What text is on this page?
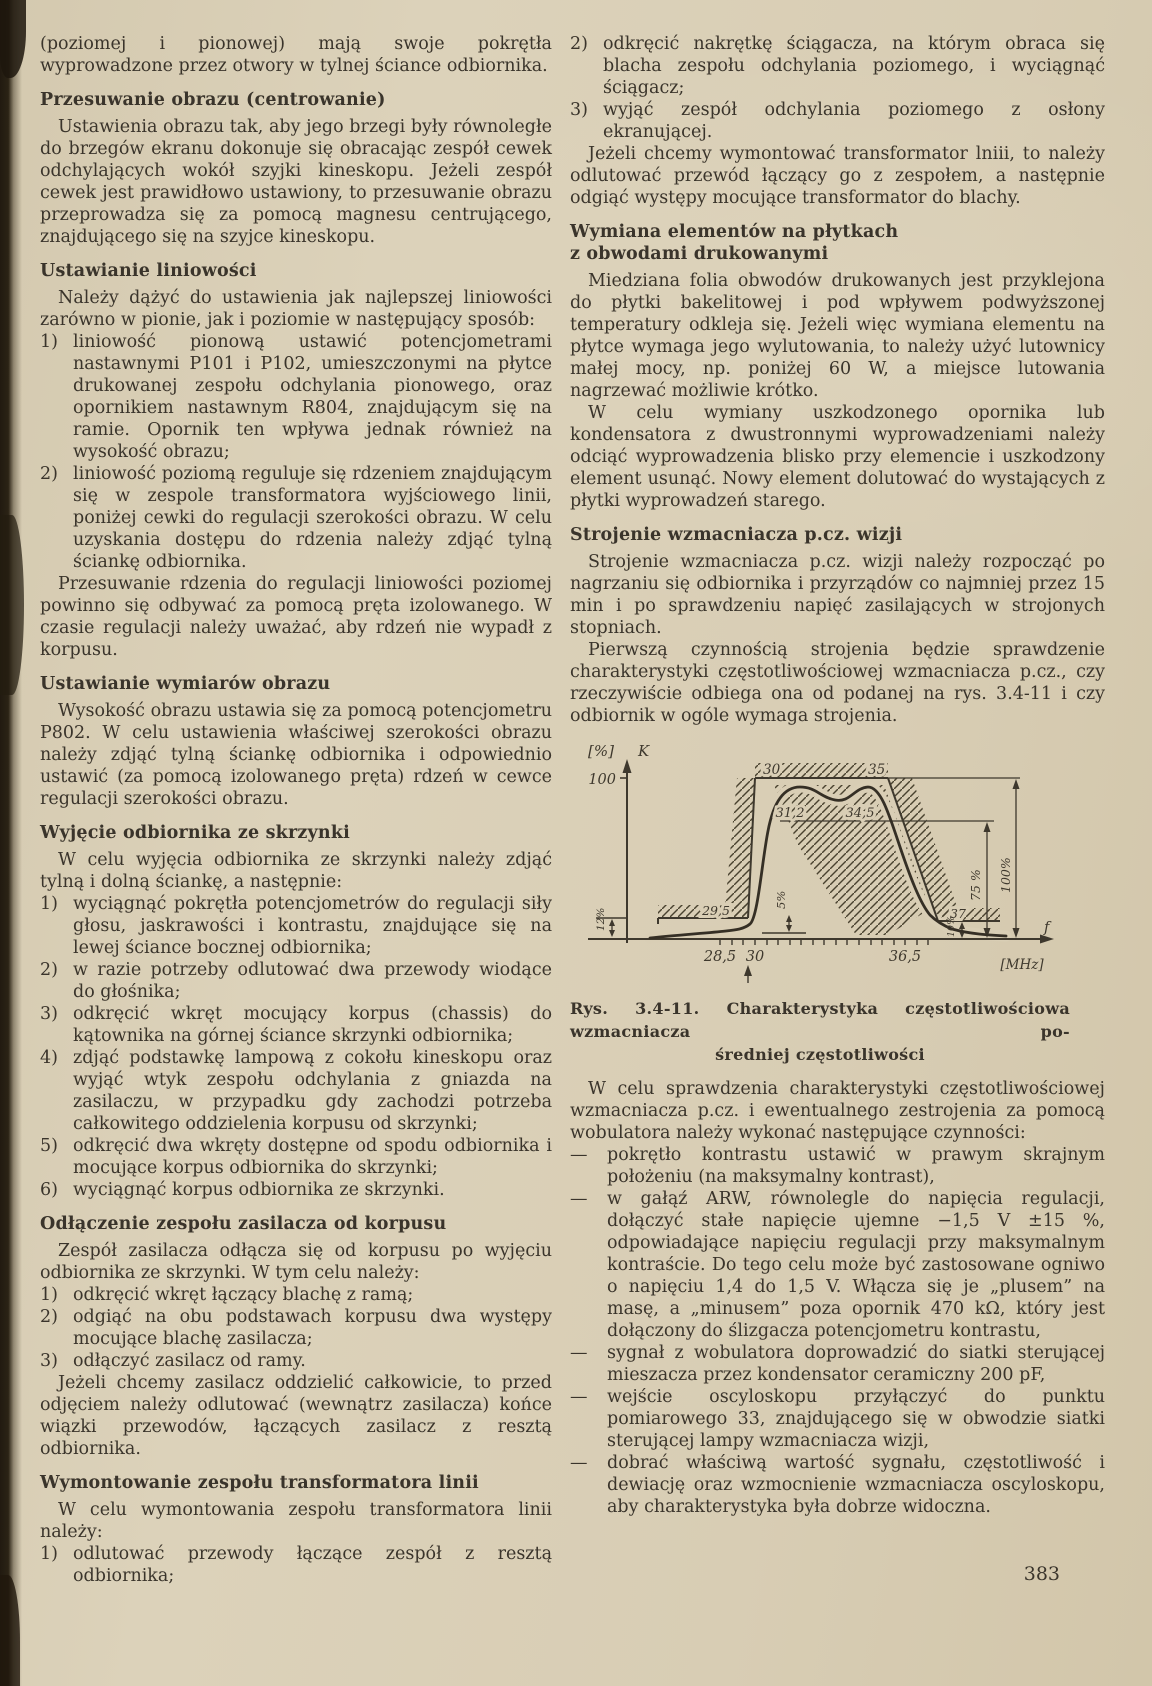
(poziomej i pionowej) mają swoje pokrętła wyprowadzone przez otwory w tylnej ściance odbiornika.
Przesuwanie obrazu (centrowanie)
Ustawienia obrazu tak, aby jego brzegi były równoległe do brzegów ekranu dokonuje się obracając zespół cewek odchylających wokół szyjki kineskopu. Jeżeli zespół cewek jest prawidłowo ustawiony, to przesuwanie obrazu przeprowadza się za pomocą magnesu centrującego, znajdującego się na szyjce kineskopu.
Ustawianie liniowości
Należy dążyć do ustawienia jak najlepszej liniowości zarówno w pionie, jak i poziomie w następujący sposób:
1) liniowość pionową ustawić potencjometrami nastawnymi P101 i P102, umieszczonymi na płytce drukowanej zespołu odchylania pionowego, oraz opornikiem nastawnym R804, znajdującym się na ramie. Opornik ten wpływa jednak również na wysokość obrazu;
2) liniowość poziomą reguluje się rdzeniem znajdującym się w zespole transformatora wyjściowego linii, poniżej cewki do regulacji szerokości obrazu. W celu uzyskania dostępu do rdzenia należy zdjąć tylną ściankę odbiornika.
Przesuwanie rdzenia do regulacji liniowości poziomej powinno się odbywać za pomocą pręta izolowanego. W czasie regulacji należy uważać, aby rdzeń nie wypadł z korpusu.
Ustawianie wymiarów obrazu
Wysokość obrazu ustawia się za pomocą potencjometru P802. W celu ustawienia właściwej szerokości obrazu należy zdjąć tylną ściankę odbiornika i odpowiednio ustawić (za pomocą izolowanego pręta) rdzeń w cewce regulacji szerokości obrazu.
Wyjęcie odbiornika ze skrzynki
W celu wyjęcia odbiornika ze skrzynki należy zdjąć tylną i dolną ściankę, a następnie:
1) wyciągnąć pokrętła potencjometrów do regulacji siły głosu, jaskrawości i kontrastu, znajdujące się na lewej ściance bocznej odbiornika;
2) w razie potrzeby odlutować dwa przewody wiodące do głośnika;
3) odkręcić wkręt mocujący korpus (chassis) do kątownika na górnej ściance skrzynki odbiornika;
4) zdjąć podstawkę lampową z cokołu kineskopu oraz wyjąć wtyk zespołu odchylania z gniazda na zasilaczu, w przypadku gdy zachodzi potrzeba całkowitego oddzielenia korpusu od skrzynki;
5) odkręcić dwa wkręty dostępne od spodu odbiornika i mocujące korpus odbiornika do skrzynki;
6) wyciągnąć korpus odbiornika ze skrzynki.
Odłączenie zespołu zasilacza od korpusu
Zespół zasilacza odłącza się od korpusu po wyjęciu odbiornika ze skrzynki. W tym celu należy:
1) odkręcić wkręt łączący blachę z ramą;
2) odgiąć na obu podstawach korpusu dwa występy mocujące blachę zasilacza;
3) odłączyć zasilacz od ramy.
Jeżeli chcemy zasilacz oddzielić całkowicie, to przed odjęciem należy odlutować (wewnątrz zasilacza) końce wiązki przewodów, łączących zasilacz z resztą odbiornika.
Wymontowanie zespołu transformatora linii
W celu wymontowania zespołu transformatora linii należy:
1) odlutować przewody łączące zespół z resztą odbiornika;
2) odkręcić nakrętkę ściągacza, na którym obraca się blacha zespołu odchylania poziomego, i wyciągnąć ściągacz;
3) wyjąć zespół odchylania poziomego z osłony ekranującej.
Jeżeli chcemy wymontować transformator lniii, to należy odlutować przewód łączący go z zespołem, a następnie odgiąć występy mocujące transformator do blachy.
Wymiana elementów na płytkach
z obwodami drukowanymi
Miedziana folia obwodów drukowanych jest przyklejona do płytki bakelitowej i pod wpływem podwyższonej temperatury odkleja się. Jeżeli więc wymiana elementu na płytce wymaga jego wylutowania, to należy użyć lutownicy małej mocy, np. poniżej 60 W, a miejsce lutowania nagrzewać możliwie krótko.
W celu wymiany uszkodzonego opornika lub kondensatora z dwustronnymi wyprowadzeniami należy odciąć wyprowadzenia blisko przy elemencie i uszkodzony element usunąć. Nowy element dolutować do wystających z płytki wyprowadzeń starego.
Strojenie wzmacniacza p.cz. wizji
Strojenie wzmacniacza p.cz. wizji należy rozpocząć po nagrzaniu się odbiornika i przyrządów co najmniej przez 15 min i po sprawdzeniu napięć zasilających w strojonych stopniach.
Pierwszą czynnością strojenia będzie sprawdzenie charakterystyki częstotliwościowej wzmacniacza p.cz., czy rzeczywiście odbiega ona od podanej na rys. 3.4-11 i czy odbiornik w ogóle wymaga strojenia.
[%] K
100
30	35
31,2	34,5
29,5	37
12%
5%
10%
75 % 100%
28,5 30	36,5
f
[MHz]
Rys. 3.4-11. Charakterystyka częstotliwościowa wzmacniacza po-
średniej częstotliwości
W celu sprawdzenia charakterystyki częstotliwościowej wzmacniacza p.cz. i ewentualnego zestrojenia za pomocą wobulatora należy wykonać następujące czynności:
— pokrętło kontrastu ustawić w prawym skrajnym położeniu (na maksymalny kontrast),
— w gałąź ARW, równolegle do napięcia regulacji, dołączyć stałe napięcie ujemne −1,5 V ±15 %, odpowiadające napięciu regulacji przy maksymalnym kontraście. Do tego celu może być zastosowane ogniwo o napięciu 1,4 do 1,5 V. Włącza się je „plusem” na masę, a „minusem” poza opornik 470 kΩ, który jest dołączony do ślizgacza potencjometru kontrastu,
— sygnał z wobulatora doprowadzić do siatki sterującej mieszacza przez kondensator ceramiczny 200 pF,
— wejście oscyloskopu przyłączyć do punktu pomiarowego 33, znajdującego się w obwodzie siatki sterującej lampy wzmacniacza wizji,
— dobrać właściwą wartość sygnału, częstotliwość i dewiację oraz wzmocnienie wzmacniacza oscyloskopu, aby charakterystyka była dobrze widoczna.
383
